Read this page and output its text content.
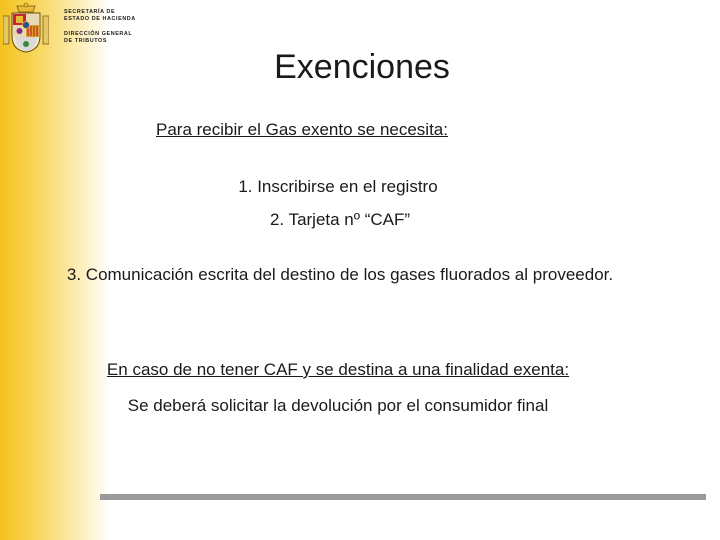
SECRETARÍA DE
ESTADO DE HACIENDA
DIRECCIÓN GENERAL
DE TRIBUTOS
Exenciones
Para recibir el Gas exento se necesita:
1. Inscribirse en el registro
2. Tarjeta nº “CAF”
3. Comunicación escrita del destino de los gases fluorados al proveedor.
En caso de no tener CAF y se destina a una finalidad exenta:
Se deberá solicitar la devolución por el consumidor final
